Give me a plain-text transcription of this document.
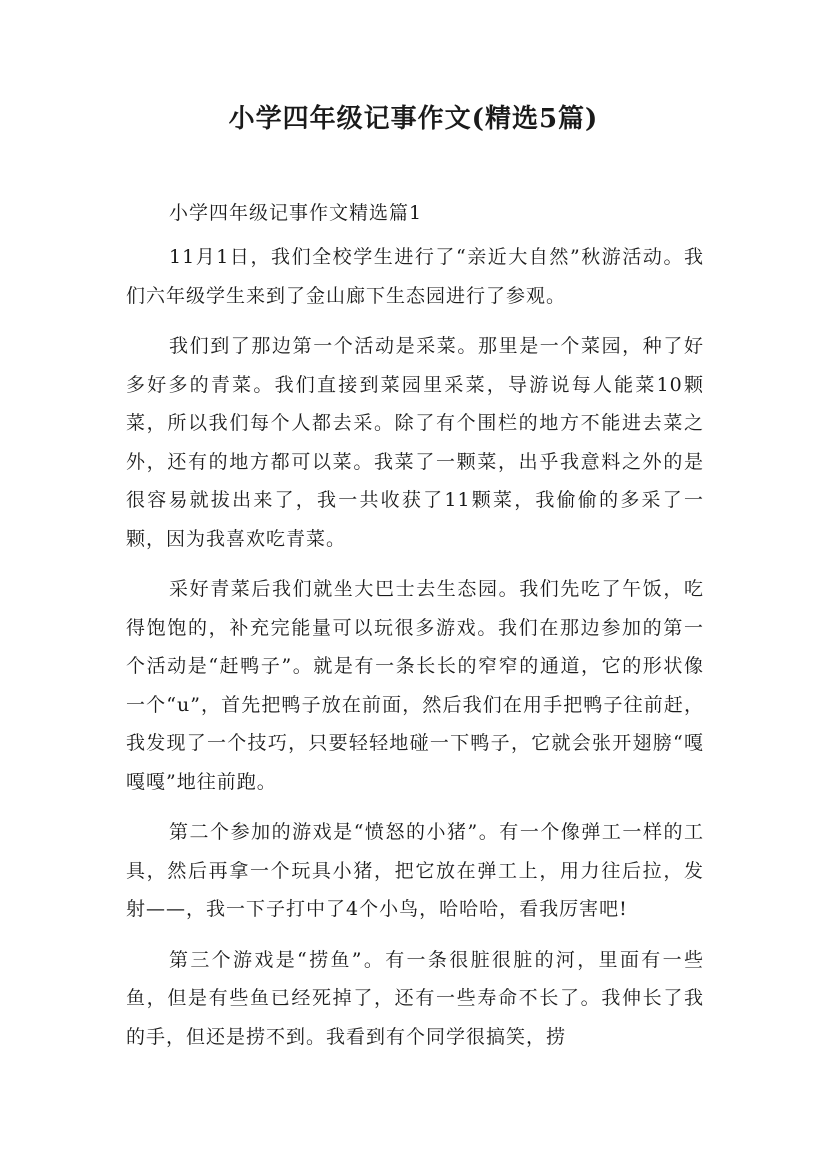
小学四年级记事作文(精选5篇)

小学四年级记事作文精选篇1

11月1日，我们全校学生进行了“亲近大自然”秋游活动。我们六年级学生来到了金山廊下生态园进行了参观。

我们到了那边第一个活动是采菜。那里是一个菜园，种了好多好多的青菜。我们直接到菜园里采菜，导游说每人能菜10颗菜，所以我们每个人都去采。除了有个围栏的地方不能进去菜之外，还有的地方都可以菜。我菜了一颗菜，出乎我意料之外的是很容易就拔出来了，我一共收获了11颗菜，我偷偷的多采了一颗，因为我喜欢吃青菜。

采好青菜后我们就坐大巴士去生态园。我们先吃了午饭，吃得饱饱的，补充完能量可以玩很多游戏。我们在那边参加的第一个活动是“赶鸭子”。就是有一条长长的窄窄的通道，它的形状像一个“u”，首先把鸭子放在前面，然后我们在用手把鸭子往前赶，我发现了一个技巧，只要轻轻地碰一下鸭子，它就会张开翅膀“嘎嘎嘎”地往前跑。

第二个参加的游戏是“愤怒的小猪”。有一个像弹工一样的工具，然后再拿一个玩具小猪，把它放在弹工上，用力往后拉，发射——，我一下子打中了4个小鸟，哈哈哈，看我厉害吧!

第三个游戏是“捞鱼”。有一条很脏很脏的河，里面有一些鱼，但是有些鱼已经死掉了，还有一些寿命不长了。我伸长了我的手，但还是捞不到。我看到有个同学很搞笑，捞
